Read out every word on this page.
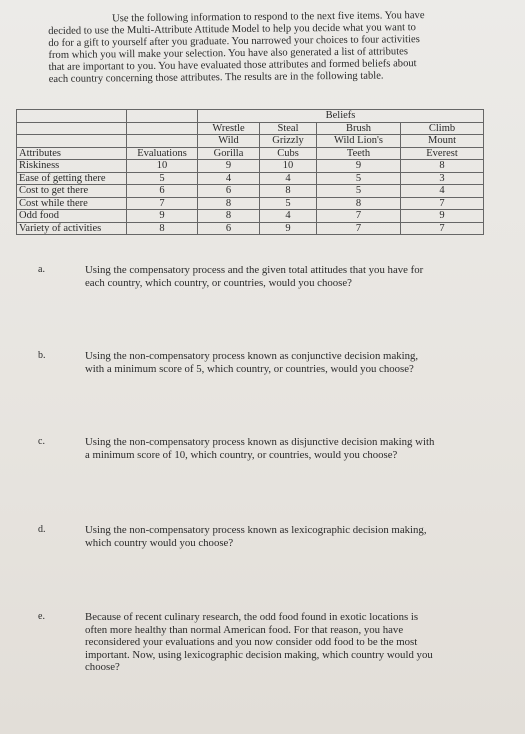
Use the following information to respond to the next five items. You have
decided to use the Multi-Attribute Attitude Model to help you decide what you want to
do for a gift to yourself after you graduate. You narrowed your choices to four activities
from which you will make your selection. You have also generated a list of attributes
that are important to you. You have evaluated those attributes and formed beliefs about
each country concerning those attributes. The results are in the following table.
		Beliefs			
		Wrestle	Steal	Brush	Climb
		Wild	Grizzly	Wild Lion's	Mount
Attributes	Evaluations	Gorilla	Cubs	Teeth	Everest
Riskiness	10	9	10	9	8
Ease of getting there	5	4	4	5	3
Cost to get there	6	6	8	5	4
Cost while there	7	8	5	8	7
Odd food	9	8	4	7	9
Variety of activities	8	6	9	7	7
a.	Using the compensatory process and the given total attitudes that you have for
each country, which country, or countries, would you choose?
b.	Using the non-compensatory process known as conjunctive decision making,
with a minimum score of 5, which country, or countries, would you choose?
c.	Using the non-compensatory process known as disjunctive decision making with
a minimum score of 10, which country, or countries, would you choose?
d.	Using the non-compensatory process known as lexicographic decision making,
which country would you choose?
e.	Because of recent culinary research, the odd food found in exotic locations is
often more healthy than normal American food. For that reason, you have
reconsidered your evaluations and you now consider odd food to be the most
important. Now, using lexicographic decision making, which country would you
choose?
